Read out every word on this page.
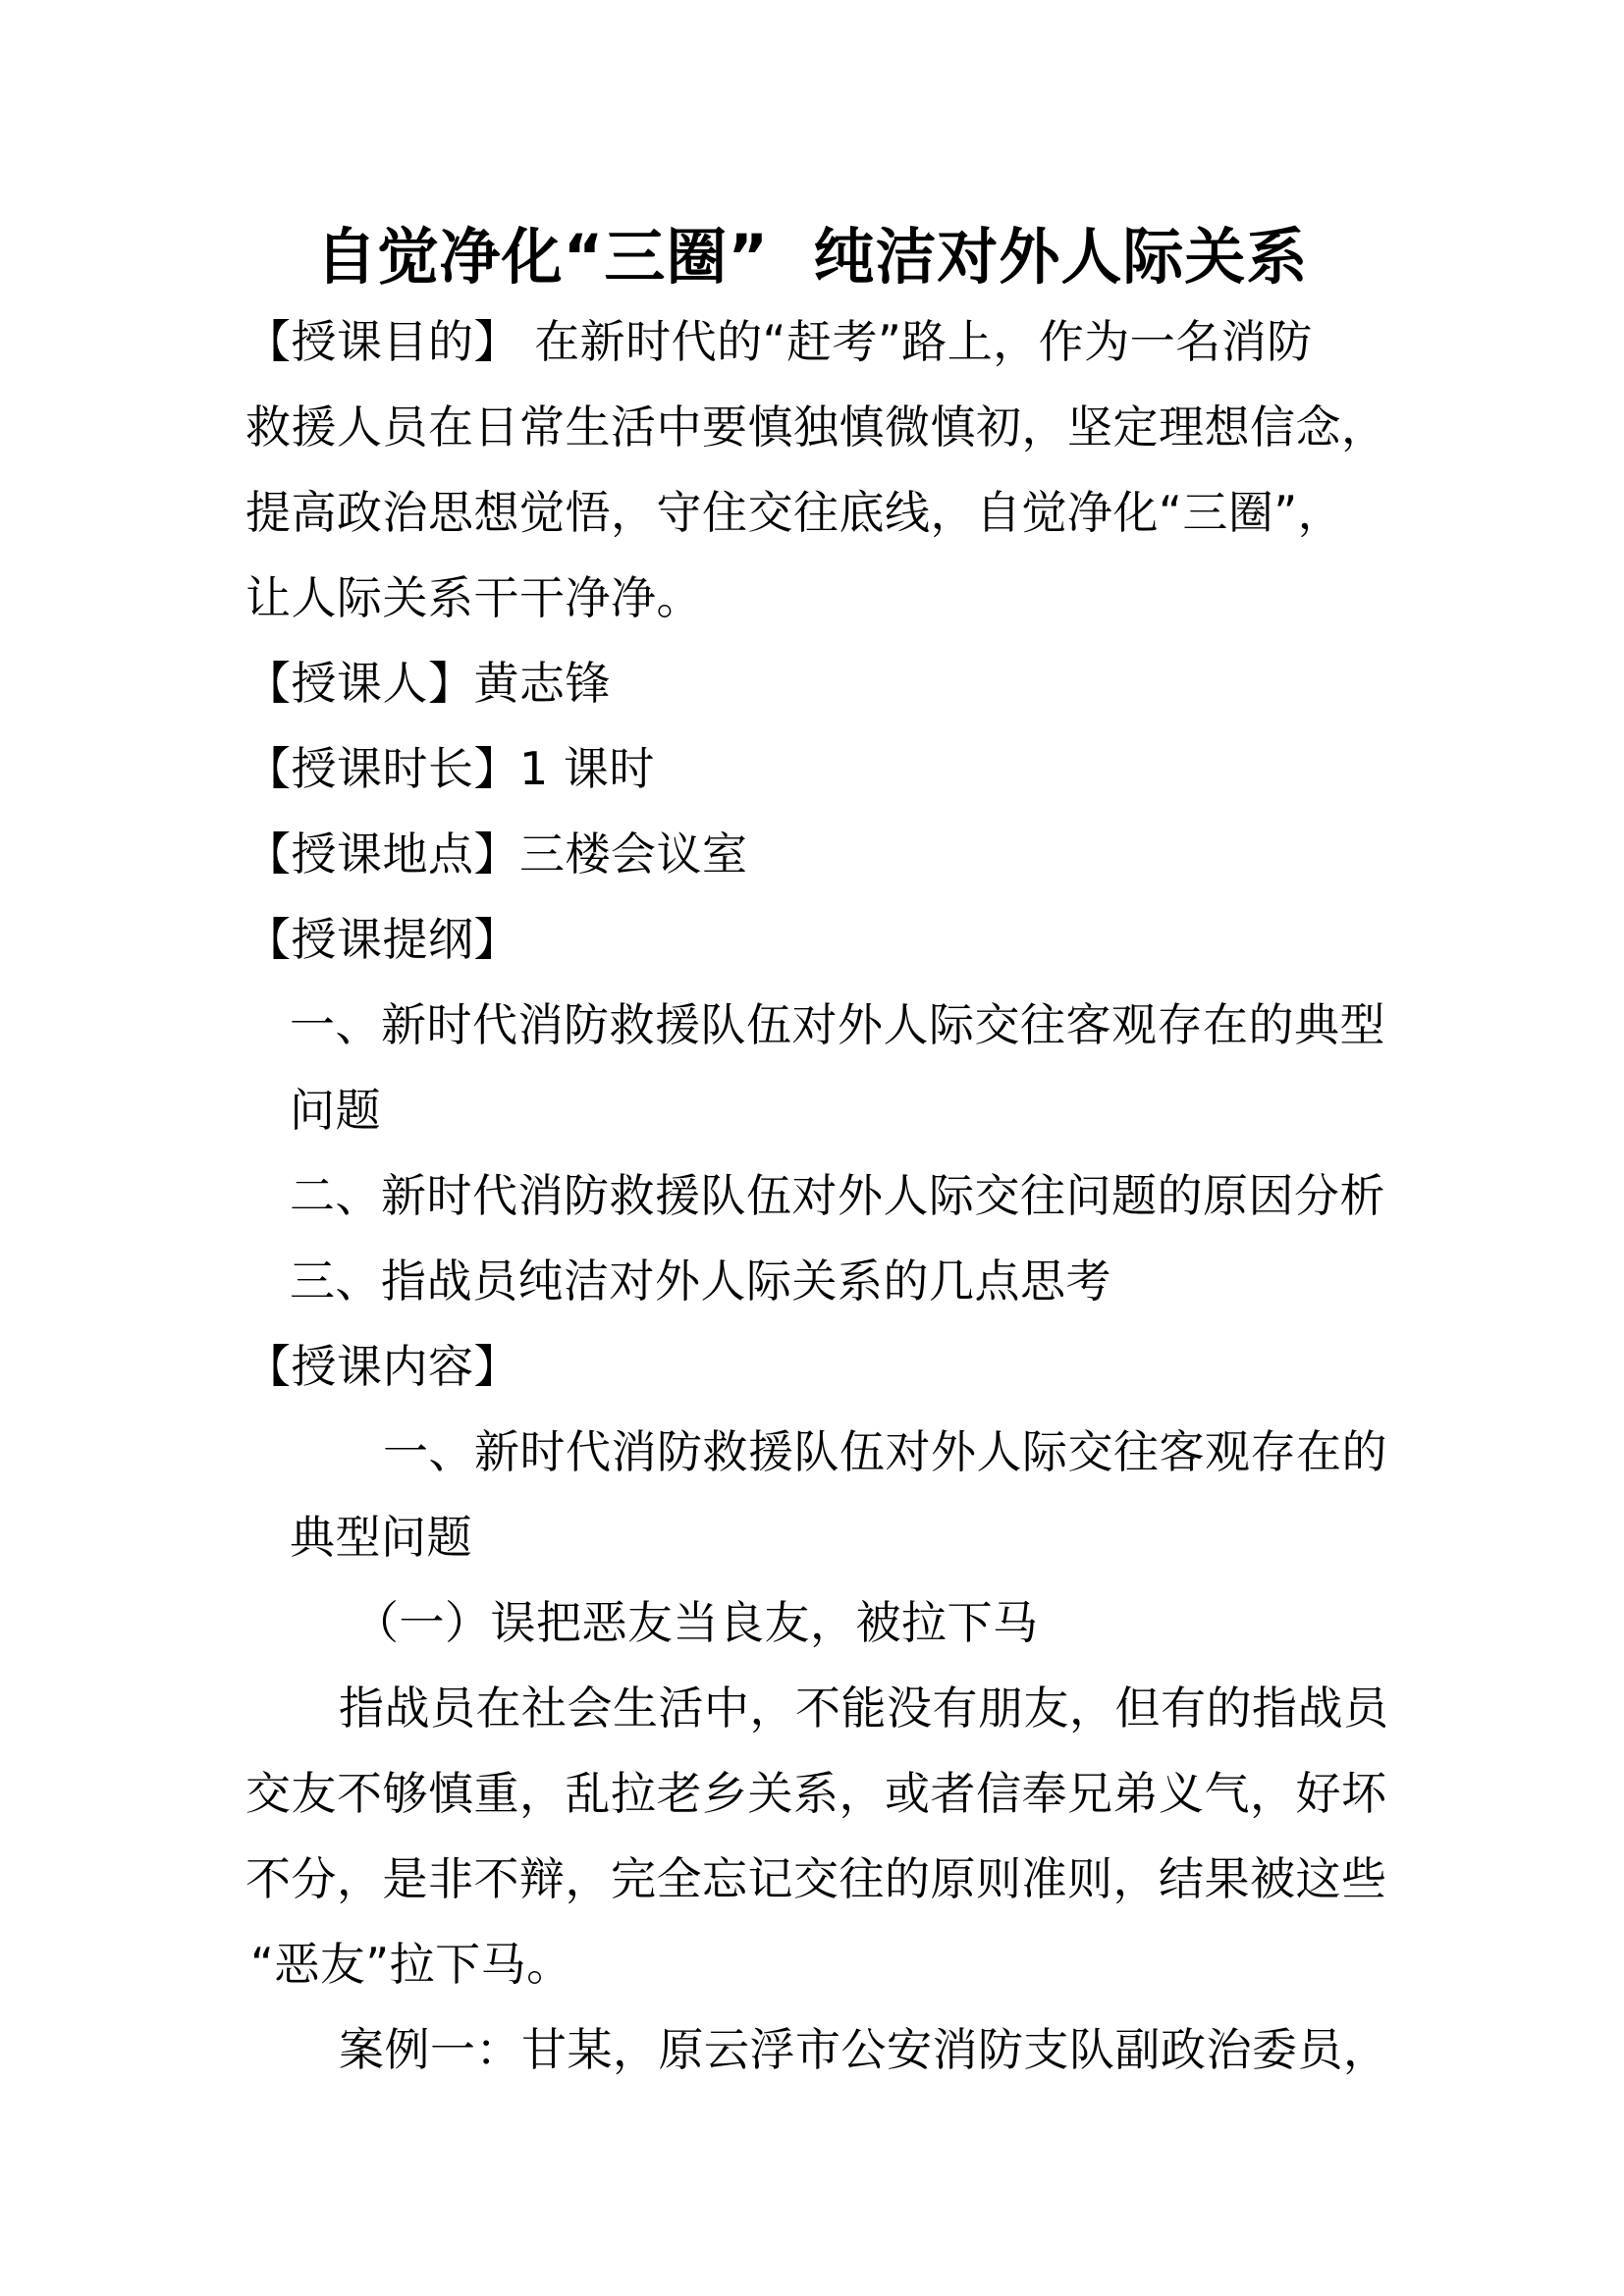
自觉净化“三圈”  纯洁对外人际关系
【授课目的】 在新时代的“赶考”路上，作为一名消防
救援人员在日常生活中要慎独慎微慎初，坚定理想信念，
提高政治思想觉悟，守住交往底线，自觉净化“三圈”，
让人际关系干干净净。
【授课人】黄志锋
【授课时长】1 课时
【授课地点】三楼会议室
【授课提纲】
一、新时代消防救援队伍对外人际交往客观存在的典型
问题
二、新时代消防救援队伍对外人际交往问题的原因分析
三、指战员纯洁对外人际关系的几点思考
【授课内容】
一、新时代消防救援队伍对外人际交往客观存在的
典型问题
（一）误把恶友当良友，被拉下马
指战员在社会生活中，不能没有朋友，但有的指战员
交友不够慎重，乱拉老乡关系，或者信奉兄弟义气，好坏
不分，是非不辩，完全忘记交往的原则准则，结果被这些
“恶友”拉下马。
案例一：甘某，原云浮市公安消防支队副政治委员，
